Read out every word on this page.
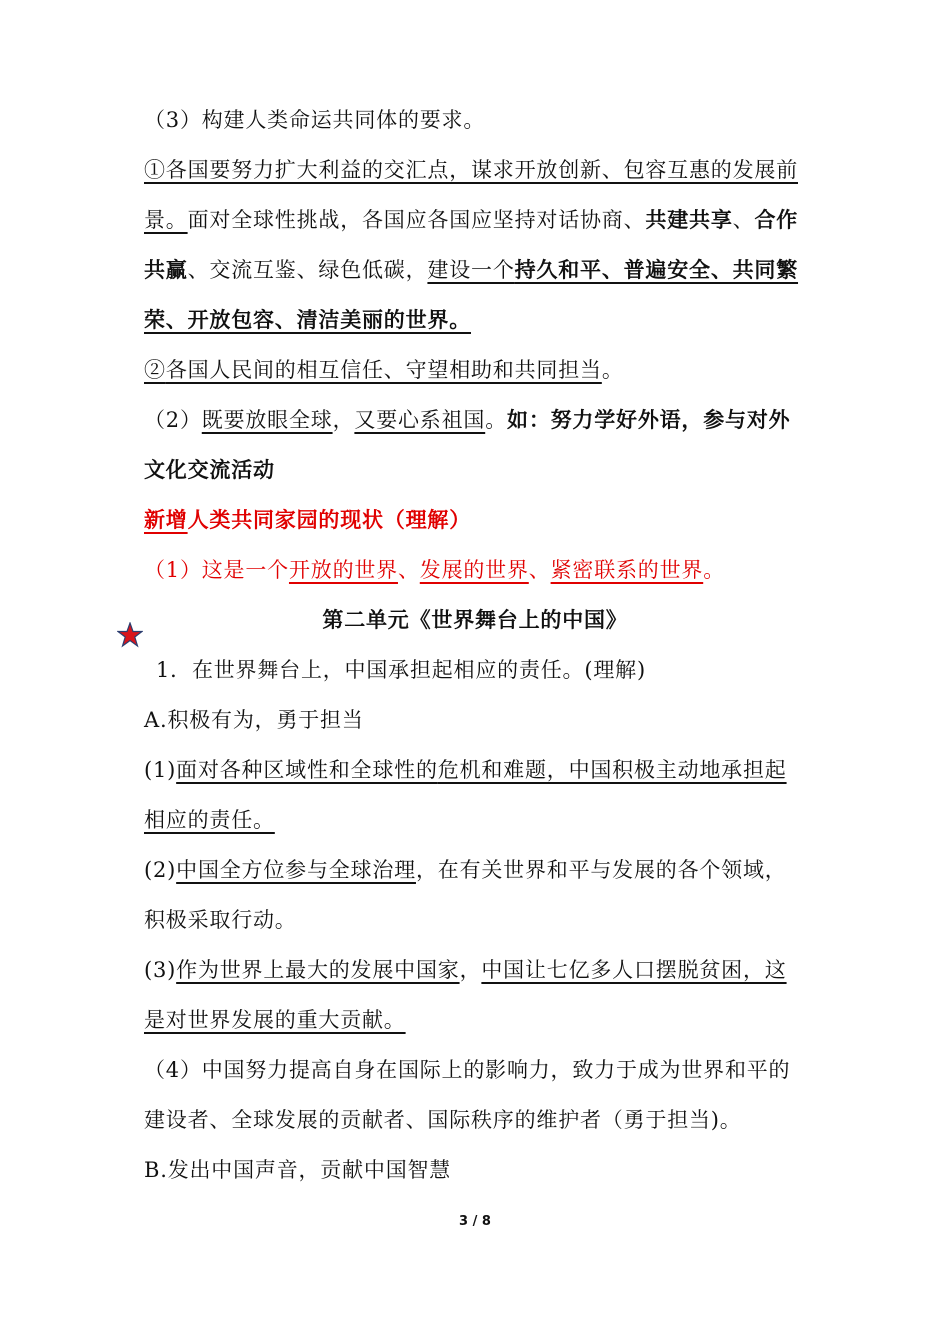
（3）构建人类命运共同体的要求。
①各国要努力扩大利益的交汇点，谋求开放创新、包容互惠的发展前
景。面对全球性挑战，各国应各国应坚持对话协商、共建共享、合作
共赢、交流互鉴、绿色低碳，建设一个持久和平、普遍安全、共同繁
荣、开放包容、清洁美丽的世界。
②各国人民间的相互信任、守望相助和共同担当。
（2）既要放眼全球，又要心系祖国。如：努力学好外语，参与对外
文化交流活动
新增人类共同家园的现状（理解）
（1）这是一个开放的世界、发展的世界、紧密联系的世界。
第二单元《世界舞台上的中国》
1．在世界舞台上，中国承担起相应的责任。(理解)
A.积极有为，勇于担当
(1)面对各种区域性和全球性的危机和难题，中国积极主动地承担起
相应的责任。
(2)中国全方位参与全球治理，在有关世界和平与发展的各个领域，
积极采取行动。
(3)作为世界上最大的发展中国家，中国让七亿多人口摆脱贫困，这
是对世界发展的重大贡献。
（4）中国努力提高自身在国际上的影响力，致力于成为世界和平的
建设者、全球发展的贡献者、国际秩序的维护者（勇于担当)。
B.发出中国声音，贡献中国智慧
3 / 8
